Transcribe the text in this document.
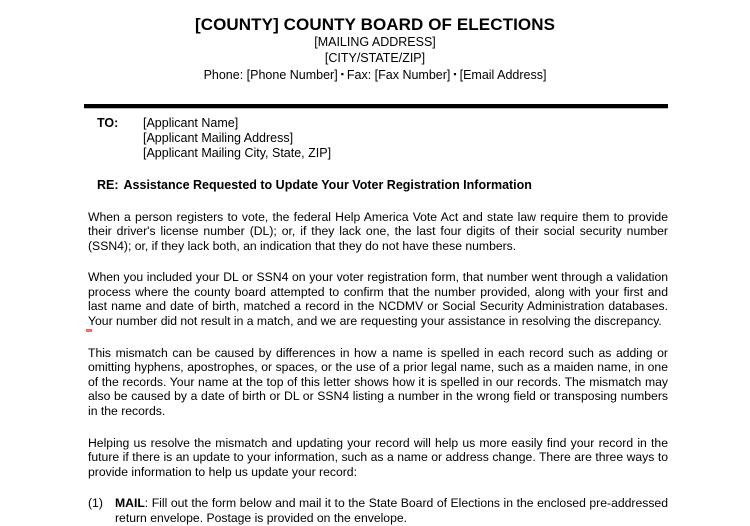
[COUNTY] COUNTY BOARD OF ELECTIONS
[MAILING ADDRESS]
[CITY/STATE/ZIP]
Phone: [Phone Number] ▪ Fax: [Fax Number] ▪ [Email Address]
TO:	[Applicant Name]
[Applicant Mailing Address]
[Applicant Mailing City, State, ZIP]
RE: Assistance Requested to Update Your Voter Registration Information

When a person registers to vote, the federal Help America Vote Act and state law require them to provide their driver's license number (DL); or, if they lack one, the last four digits of their social security number (SSN4); or, if they lack both, an indication that they do not have these numbers.

When you included your DL or SSN4 on your voter registration form, that number went through a validation process where the county board attempted to confirm that the number provided, along with your first and last name and date of birth, matched a record in the NCDMV or Social Security Administration databases. Your number did not result in a match, and we are requesting your assistance in resolving the discrepancy.

This mismatch can be caused by differences in how a name is spelled in each record such as adding or omitting hyphens, apostrophes, or spaces, or the use of a prior legal name, such as a maiden name, in one of the records. Your name at the top of this letter shows how it is spelled in our records. The mismatch may also be caused by a date of birth or DL or SSN4 listing a number in the wrong field or transposing numbers in the records.

Helping us resolve the mismatch and updating your record will help us more easily find your record in the future if there is an update to your information, such as a name or address change. There are three ways to provide information to help us update your record:

(1) MAIL: Fill out the form below and mail it to the State Board of Elections in the enclosed pre-addressed return envelope. Postage is provided on the envelope.
